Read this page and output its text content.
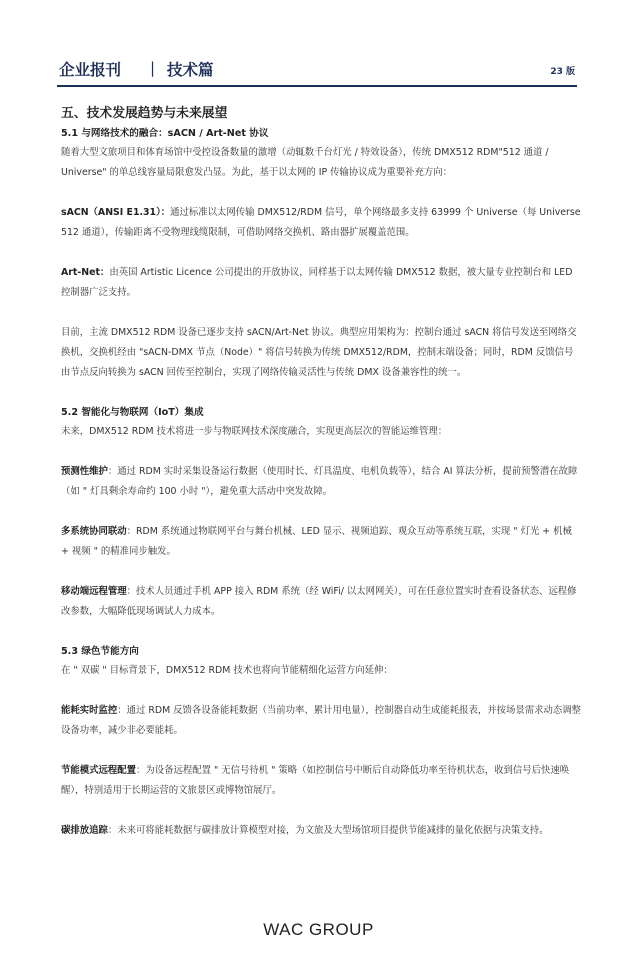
企业报刊 | 技术篇	23 版

五、技术发展趋势与未来展望

5.1 与网络技术的融合：sACN / Art-Net 协议

随着大型文旅项目和体育场馆中受控设备数量的激增（动辄数千台灯光 / 特效设备），传统 DMX512 RDM"512 通道 / Universe" 的单总线容量局限愈发凸显。为此，基于以太网的 IP 传输协议成为重要补充方向：

sACN（ANSI E1.31）：通过标准以太网传输 DMX512/RDM 信号，单个网络最多支持 63999 个 Universe（每 Universe 512 通道），传输距离不受物理线缆限制，可借助网络交换机、路由器扩展覆盖范围。

Art-Net：由英国 Artistic Licence 公司提出的开放协议，同样基于以太网传输 DMX512 数据，被大量专业控制台和 LED 控制器广泛支持。

目前，主流 DMX512 RDM 设备已逐步支持 sACN/Art-Net 协议。典型应用架构为：控制台通过 sACN 将信号发送至网络交换机，交换机经由 "sACN-DMX 节点（Node）" 将信号转换为传统 DMX512/RDM，控制末端设备；同时，RDM 反馈信号由节点反向转换为 sACN 回传至控制台，实现了网络传输灵活性与传统 DMX 设备兼容性的统一。

5.2 智能化与物联网（IoT）集成

未来，DMX512 RDM 技术将进一步与物联网技术深度融合，实现更高层次的智能运维管理：

预测性维护：通过 RDM 实时采集设备运行数据（使用时长、灯具温度、电机负载等），结合 AI 算法分析，提前预警潜在故障（如 " 灯具剩余寿命约 100 小时 "），避免重大活动中突发故障。

多系统协同联动：RDM 系统通过物联网平台与舞台机械、LED 显示、视频追踪、观众互动等系统互联，实现 " 灯光 + 机械 + 视频 " 的精准同步触发。

移动端远程管理：技术人员通过手机 APP 接入 RDM 系统（经 WiFi/ 以太网网关），可在任意位置实时查看设备状态、远程修改参数，大幅降低现场调试人力成本。

5.3 绿色节能方向

在 " 双碳 " 目标背景下，DMX512 RDM 技术也将向节能精细化运营方向延伸：

能耗实时监控：通过 RDM 反馈各设备能耗数据（当前功率、累计用电量），控制器自动生成能耗报表，并按场景需求动态调整设备功率，减少非必要能耗。

节能模式远程配置：为设备远程配置 " 无信号待机 " 策略（如控制信号中断后自动降低功率至待机状态，收到信号后快速唤醒），特别适用于长期运营的文旅景区或博物馆展厅。

碳排放追踪：未来可将能耗数据与碳排放计算模型对接，为文旅及大型场馆项目提供节能减排的量化依据与决策支持。

WAC GROUP
